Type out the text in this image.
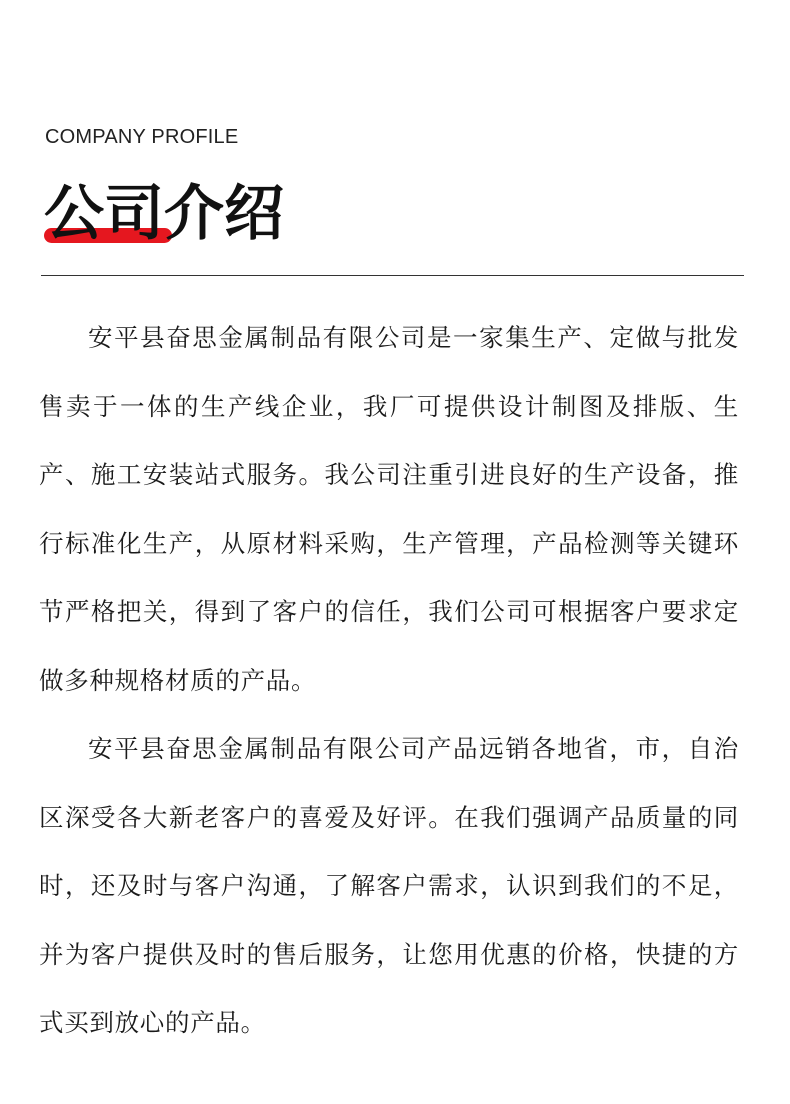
COMPANY PROFILE
公司介绍

安平县奋思金属制品有限公司是一家集生产、定做与批发售卖于一体的生产线企业，我厂可提供设计制图及排版、生产、施工安装站式服务。我公司注重引进良好的生产设备，推行标准化生产，从原材料采购，生产管理，产品检测等关键环节严格把关，得到了客户的信任，我们公司可根据客户要求定做多种规格材质的产品。

安平县奋思金属制品有限公司产品远销各地省，市，自治区深受各大新老客户的喜爱及好评。在我们强调产品质量的同时，还及时与客户沟通，了解客户需求，认识到我们的不足，并为客户提供及时的售后服务，让您用优惠的价格，快捷的方式买到放心的产品。
